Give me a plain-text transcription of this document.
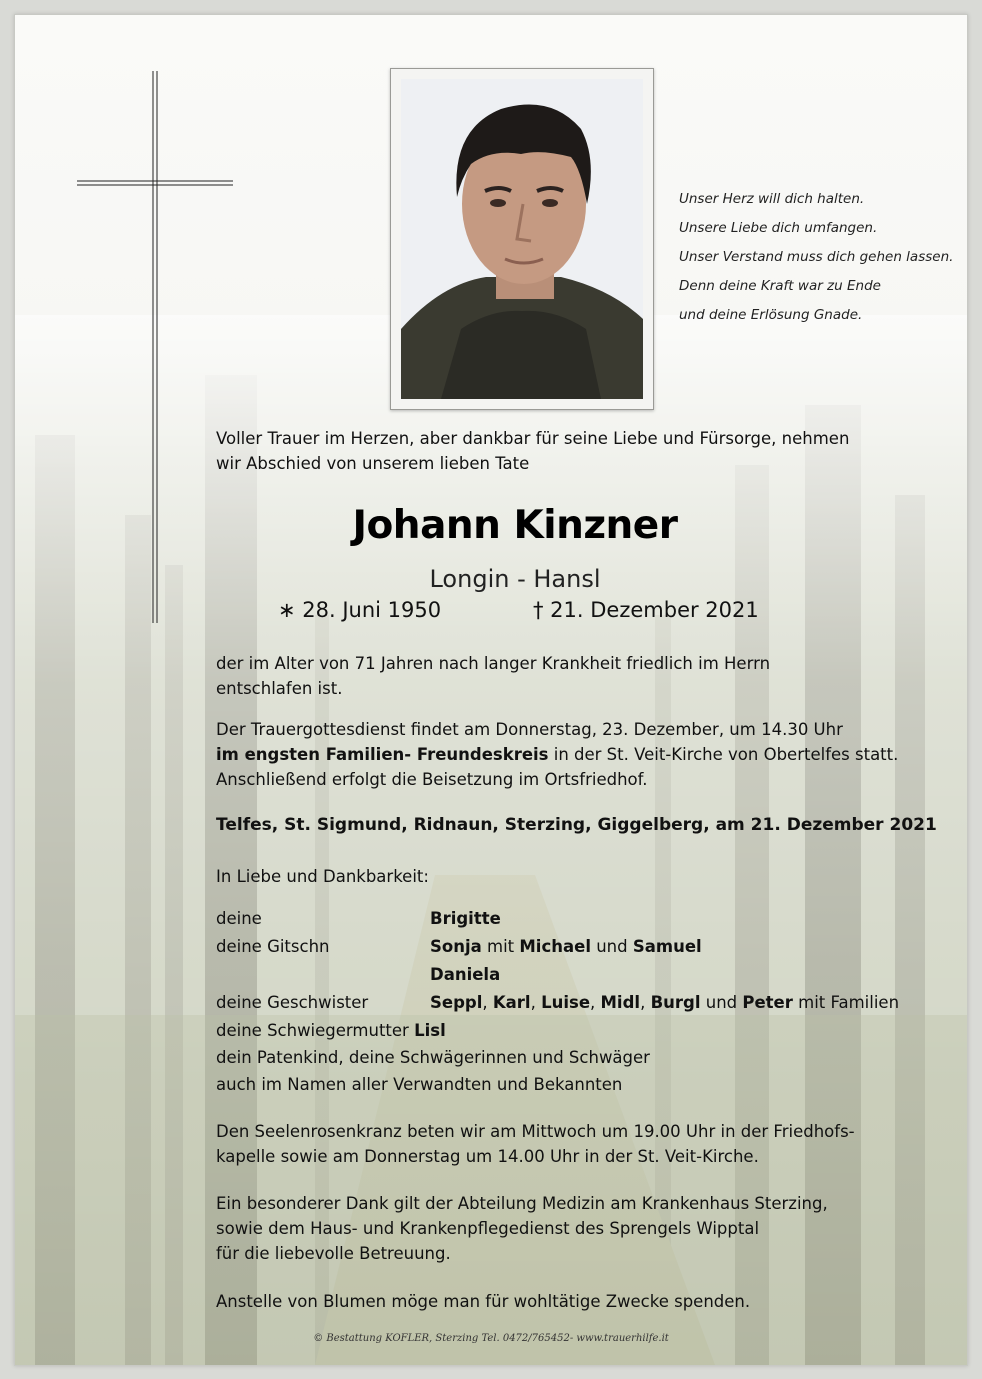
Unser Herz will dich halten.
Unsere Liebe dich umfangen.
Unser Verstand muss dich gehen lassen.
Denn deine Kraft war zu Ende
und deine Erlösung Gnade.
Voller Trauer im Herzen, aber dankbar für seine Liebe und Fürsorge, nehmen
wir Abschied von unserem lieben Tate
Johann Kinzner
Longin - Hansl
∗ 28. Juni 1950	† 21. Dezember 2021
der im Alter von 71 Jahren nach langer Krankheit friedlich im Herrn
entschlafen ist.
Der Trauergottesdienst findet am Donnerstag, 23. Dezember, um 14.30 Uhr
im engsten Familien- Freundeskreis in der St. Veit-Kirche von Obertelfes statt.
Anschließend erfolgt die Beisetzung im Ortsfriedhof.
Telfes, St. Sigmund, Ridnaun, Sterzing, Giggelberg, am 21. Dezember 2021
In Liebe und Dankbarkeit:
deine	Brigitte
deine Gitschn	Sonja mit Michael und Samuel
Daniela
deine Geschwister	Seppl, Karl, Luise, Midl, Burgl und Peter mit Familien
deine Schwiegermutter Lisl
dein Patenkind, deine Schwägerinnen und Schwäger
auch im Namen aller Verwandten und Bekannten
Den Seelenrosenkranz beten wir am Mittwoch um 19.00 Uhr in der Friedhofs-
kapelle sowie am Donnerstag um 14.00 Uhr in der St. Veit-Kirche.
Ein besonderer Dank gilt der Abteilung Medizin am Krankenhaus Sterzing,
sowie dem Haus- und Krankenpflegedienst des Sprengels Wipptal
für die liebevolle Betreuung.
Anstelle von Blumen möge man für wohltätige Zwecke spenden.
© Bestattung KOFLER, Sterzing Tel. 0472/765452- www.trauerhilfe.it
